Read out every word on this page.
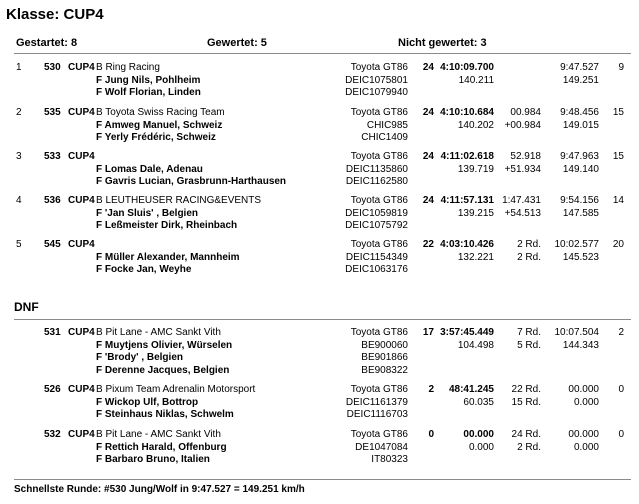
Klasse: CUP4
Gestartet: 8	Gewertet: 5	Nicht gewertet: 3
1 530 CUP4 B Ring Racing	Toyota GT86 24 4:10:09.700	9:47.527 9
F Jung Nils, Pohlheim	DEIC1075801	140.211	149.251
F Wolf Florian, Linden	DEIC1079940
2 535 CUP4 B Toyota Swiss Racing Team	Toyota GT86 24 4:10:10.684 00.984 9:48.456 15
F Amweg Manuel, Schweiz	CHIC985	140.202 +00.984 149.015
F Yerly Frédéric, Schweiz	CHIC1409
3 533 CUP4	Toyota GT86 24 4:11:02.618 52.918 9:47.963 15
F Lomas Dale, Adenau	DEIC1135860	139.719 +51.934 149.140
F Gavris Lucian, Grasbrunn-Harthausen	DEIC1162580
4 536 CUP4 B LEUTHEUSER RACING&EVENTS	Toyota GT86 24 4:11:57.131 1:47.431 9:54.156 14
F 'Jan Sluis' , Belgien	DEIC1059819	139.215 +54.513 147.585
F Leßmeister Dirk, Rheinbach	DEIC1075792
5 545 CUP4	Toyota GT86 22 4:03:10.426 2 Rd. 10:02.577 20
F Müller Alexander, Mannheim	DEIC1154349	132.221 2 Rd. 145.523
F Focke Jan, Weyhe	DEIC1063176
DNF
531 CUP4 B Pit Lane - AMC Sankt Vith	Toyota GT86 17 3:57:45.449 7 Rd. 10:07.504 2
F Muytjens Olivier, Würselen	BE900060	104.498 5 Rd. 144.343
F 'Brody' , Belgien	BE901866
F Derenne Jacques, Belgien	BE908322
526 CUP4 B Pixum Team Adrenalin Motorsport	Toyota GT86 2 48:41.245 22 Rd.	00.000 0
F Wickop Ulf, Bottrop	DEIC1161379	60.035 15 Rd.	0.000
F Steinhaus Niklas, Schwelm	DEIC1116703
532 CUP4 B Pit Lane - AMC Sankt Vith	Toyota GT86 0	00.000 24 Rd.	00.000 0
F Rettich Harald, Offenburg	DE1047084	0.000 2 Rd.	0.000
F Barbaro Bruno, Italien	IT80323
Schnellste Runde: #530 Jung/Wolf in 9:47.527 = 149.251 km/h
